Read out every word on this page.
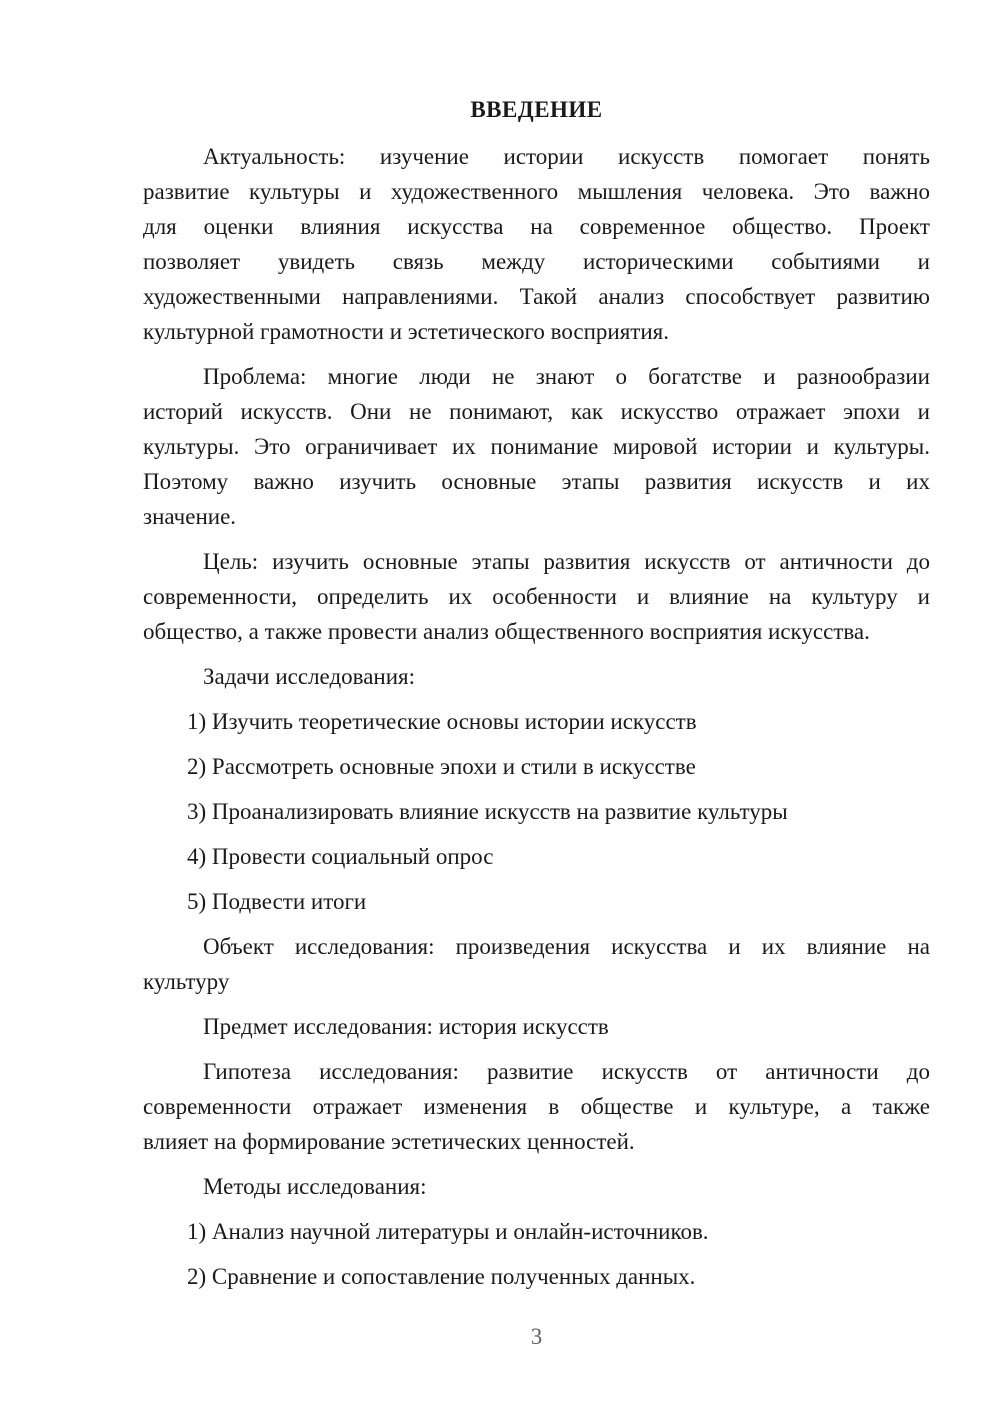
ВВЕДЕНИЕ
Актуальность: изучение истории искусств помогает понять
развитие культуры и художественного мышления человека. Это важно
для оценки влияния искусства на современное общество. Проект
позволяет увидеть связь между историческими событиями и
художественными направлениями. Такой анализ способствует развитию
культурной грамотности и эстетического восприятия.
Проблема: многие люди не знают о богатстве и разнообразии
историй искусств. Они не понимают, как искусство отражает эпохи и
культуры. Это ограничивает их понимание мировой истории и культуры.
Поэтому важно изучить основные этапы развития искусств и их
значение.
Цель: изучить основные этапы развития искусств от античности до
современности, определить их особенности и влияние на культуру и
общество, а также провести анализ общественного восприятия искусства.
Задачи исследования:
1) Изучить теоретические основы истории искусств
2) Рассмотреть основные эпохи и стили в искусстве
3) Проанализировать влияние искусств на развитие культуры
4) Провести социальный опрос
5) Подвести итоги
Объект исследования: произведения искусства и их влияние на
культуру
Предмет исследования: история искусств
Гипотеза исследования: развитие искусств от античности до
современности отражает изменения в обществе и культуре, а также
влияет на формирование эстетических ценностей.
Методы исследования:
1) Анализ научной литературы и онлайн-источников.
2) Сравнение и сопоставление полученных данных.
3
